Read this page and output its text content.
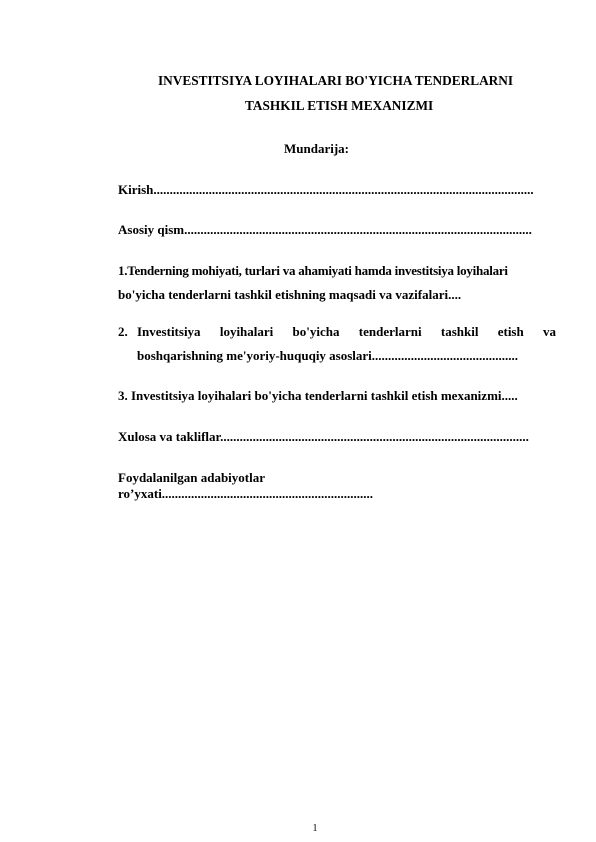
INVESTITSIYA LOYIHALARI BO'YICHA TENDERLARNI
TASHKIL ETISH MEXANIZMI
Mundarija:
Kirish.....................................................................................................................
Asosiy qism...........................................................................................................
1.Tenderning mohiyati, turlari va ahamiyati hamda investitsiya loyihalari
bo'yicha tenderlarni tashkil etishning maqsadi va vazifalari....
2. Investitsiya loyihalari bo'yicha tenderlarni tashkil etish va
boshqarishning me'yoriy-huquqiy asoslari.............................................
3. Investitsiya loyihalari bo'yicha tenderlarni tashkil etish mexanizmi.....
Xulosa va takliflar...............................................................................................
Foydalanilgan adabiyotlar
ro’yxati.................................................................
1
